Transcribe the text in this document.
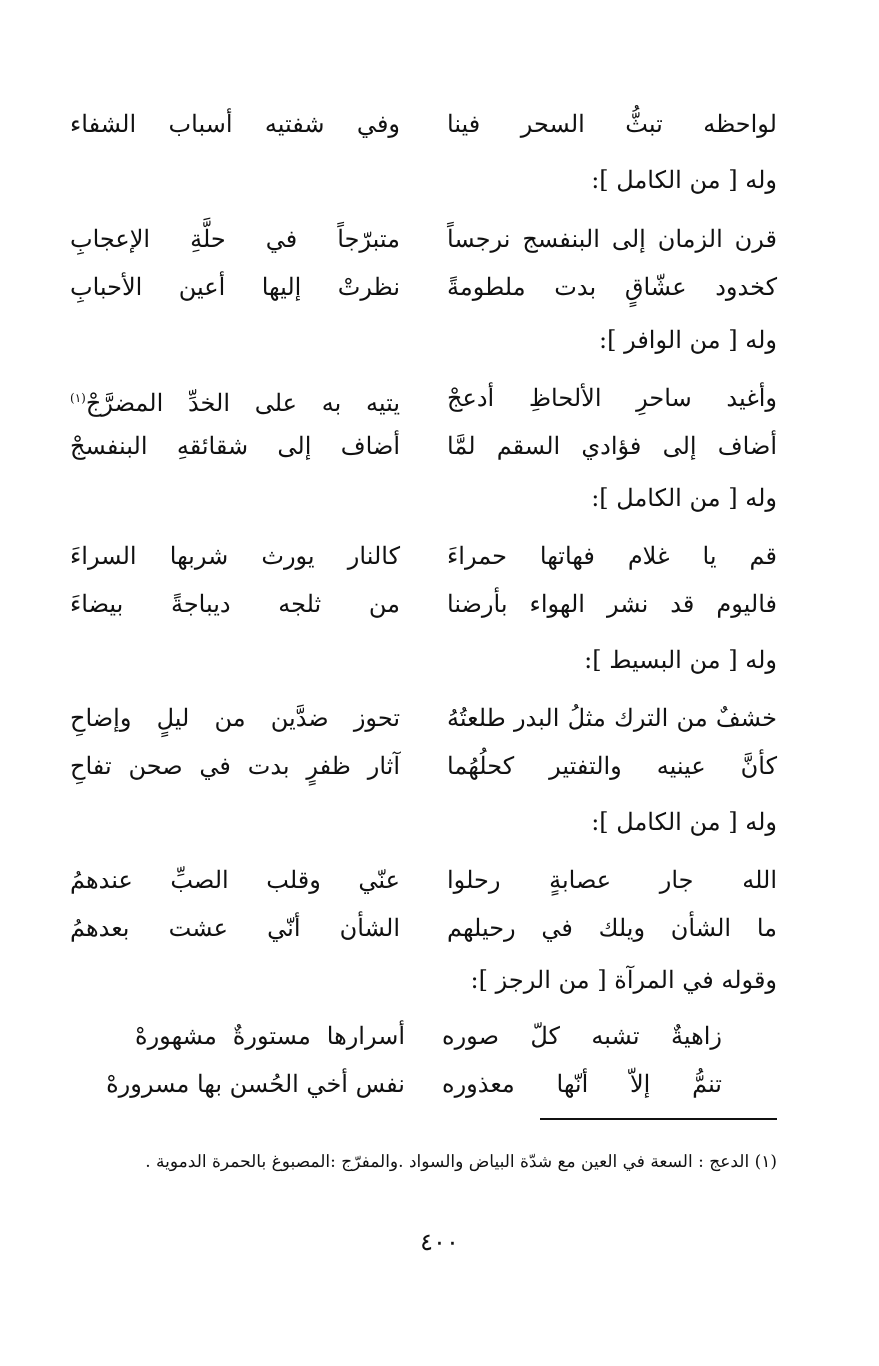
لواحظه تبثُّ السحر فينا
وفي شفتيه أسباب الشفاء
وله [ من الكامل ]:
قرن الزمان إلى البنفسج نرجساً
متبرّجاً في حلَّةِ الإعجابِ
كخدود عشّاقٍ بدت ملطومةً
نظرتْ إليها أعين الأحبابِ
وله [ من الوافر ]:
وأغيد ساحرِ الألحاظِ أدعجْ
يتيه به على الخدِّ المضرَّجْ$^{(١)}$
أضاف إلى فؤادي السقم لمَّا
أضاف إلى شقائقهِ البنفسجْ
وله [ من الكامل ]:
قم يا غلام فهاتها حمراءَ
كالنار يورث شربها السراءَ
فاليوم قد نشر الهواء بأرضنا
من ثلجه ديباجةً بيضاءَ
وله [ من البسيط ]:
خشفٌ من الترك مثلُ البدر طلعتُهُ
تحوز ضدَّين من ليلٍ وإضاحِ
كأنَّ عينيه والتفتير كحلُهُما
آثار ظفرٍ بدت في صحن تفاحِ
وله [ من الكامل ]:
الله جار عصابةٍ رحلوا
عنّي وقلب الصبِّ عندهمُ
ما الشأن ويلك في رحيلهم
الشأن أنّي عشت بعدهمُ
وقوله في المرآة [ من الرجز ]:
زاهيةٌ تشبه كلّ صوره
أسرارها مستورةٌ مشهورهْ
تنمُّ إلاّ أنّها معذوره
نفس أخي الحُسن بها مسرورهْ
(١) الدعج : السعة في العين مع شدّة البياض والسواد .والمفرّج :المصبوغ بالحمرة الدموية .
٤٠٠
